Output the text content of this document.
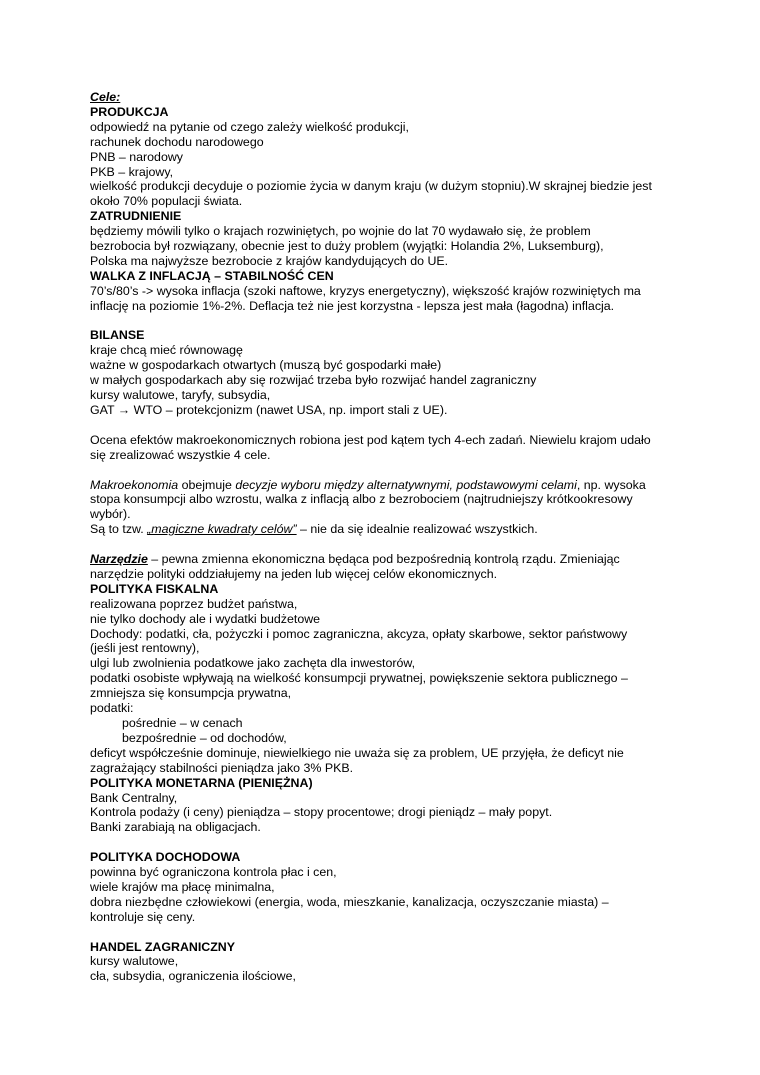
Cele:

PRODUKCJA

odpowiedź na pytanie od czego zależy wielkość produkcji,

rachunek dochodu narodowego

PNB – narodowy

PKB – krajowy,

wielkość produkcji decyduje o poziomie życia w danym kraju (w dużym stopniu).W skrajnej biedzie jest

około 70% populacji świata.

ZATRUDNIENIE

będziemy mówili tylko o krajach rozwiniętych, po wojnie do lat 70 wydawało się, że problem

bezrobocia był rozwiązany, obecnie jest to duży problem (wyjątki: Holandia 2%, Luksemburg),

Polska ma najwyższe bezrobocie z krajów kandydujących do UE.

WALKA Z INFLACJĄ – STABILNOŚĆ CEN

70’s/80’s -> wysoka inflacja (szoki naftowe, kryzys energetyczny), większość krajów rozwiniętych ma

inflację na poziomie 1%-2%. Deflacja też nie jest korzystna - lepsza jest mała (łagodna) inflacja.

BILANSE

kraje chcą mieć równowagę

ważne w gospodarkach otwartych (muszą być gospodarki małe)

w małych gospodarkach aby się rozwijać trzeba było rozwijać handel zagraniczny

kursy walutowe, taryfy, subsydia,

GAT → WTO – protekcjonizm (nawet USA, np. import stali z UE).

Ocena efektów makroekonomicznych robiona jest pod kątem tych 4-ech zadań. Niewielu krajom udało

się zrealizować wszystkie 4 cele.

Makroekonomia obejmuje decyzje wyboru między alternatywnymi, podstawowymi celami, np. wysoka

stopa konsumpcji albo wzrostu, walka z inflacją albo z bezrobociem (najtrudniejszy krótkookresowy

wybór).

Są to tzw. „magiczne kwadraty celów” – nie da się idealnie realizować wszystkich.

Narzędzie – pewna zmienna ekonomiczna będąca pod bezpośrednią kontrolą rządu. Zmieniając

narzędzie polityki oddziałujemy na jeden lub więcej celów ekonomicznych.

POLITYKA FISKALNA

realizowana poprzez budżet państwa,

nie tylko dochody ale i wydatki budżetowe

Dochody: podatki, cła, pożyczki i pomoc zagraniczna, akcyza, opłaty skarbowe, sektor państwowy

(jeśli jest rentowny),

ulgi lub zwolnienia podatkowe jako zachęta dla inwestorów,

podatki osobiste wpływają na wielkość konsumpcji prywatnej, powiększenie sektora publicznego –

zmniejsza się konsumpcja prywatna,

podatki:

pośrednie – w cenach

bezpośrednie – od dochodów,

deficyt współcześnie dominuje, niewielkiego nie uważa się za problem, UE przyjęła, że deficyt nie

zagrażający stabilności pieniądza jako 3% PKB.

POLITYKA MONETARNA (PIENIĘŻNA)

Bank Centralny,

Kontrola podaży (i ceny) pieniądza – stopy procentowe; drogi pieniądz – mały popyt.

Banki zarabiają na obligacjach.

POLITYKA DOCHODOWA

powinna być ograniczona kontrola płac i cen,

wiele krajów ma płacę minimalna,

dobra niezbędne człowiekowi (energia, woda, mieszkanie, kanalizacja, oczyszczanie miasta) –

kontroluje się ceny.

HANDEL ZAGRANICZNY

kursy walutowe,

cła, subsydia, ograniczenia ilościowe,
